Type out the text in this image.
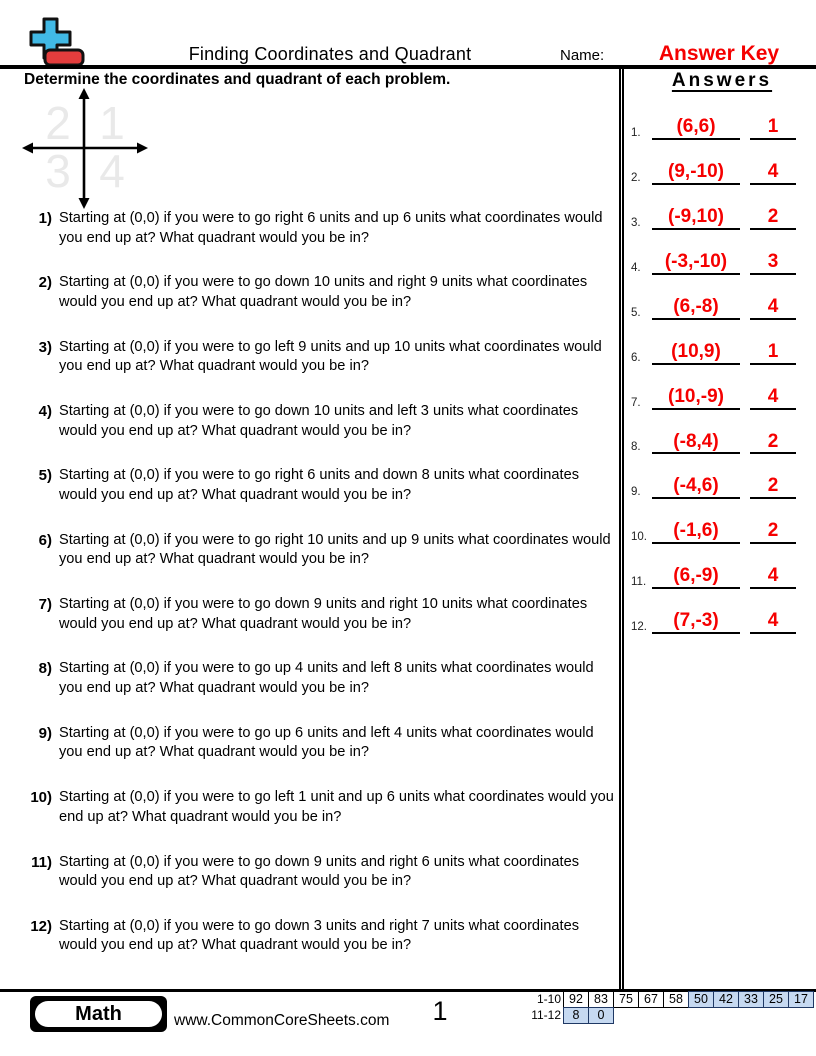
Finding Coordinates and Quadrant	Name:	Answer Key
Determine the coordinates and quadrant of each problem.
2 1
3 4
1) Starting at (0,0) if you were to go right 6 units and up 6 units what coordinates would you end up at? What quadrant would you be in?
2) Starting at (0,0) if you were to go down 10 units and right 9 units what coordinates would you end up at? What quadrant would you be in?
3) Starting at (0,0) if you were to go left 9 units and up 10 units what coordinates would you end up at? What quadrant would you be in?
4) Starting at (0,0) if you were to go down 10 units and left 3 units what coordinates would you end up at? What quadrant would you be in?
5) Starting at (0,0) if you were to go right 6 units and down 8 units what coordinates would you end up at? What quadrant would you be in?
6) Starting at (0,0) if you were to go right 10 units and up 9 units what coordinates would you end up at? What quadrant would you be in?
7) Starting at (0,0) if you were to go down 9 units and right 10 units what coordinates would you end up at? What quadrant would you be in?
8) Starting at (0,0) if you were to go up 4 units and left 8 units what coordinates would you end up at? What quadrant would you be in?
9) Starting at (0,0) if you were to go up 6 units and left 4 units what coordinates would you end up at? What quadrant would you be in?
10) Starting at (0,0) if you were to go left 1 unit and up 6 units what coordinates would you end up at? What quadrant would you be in?
11) Starting at (0,0) if you were to go down 9 units and right 6 units what coordinates would you end up at? What quadrant would you be in?
12) Starting at (0,0) if you were to go down 3 units and right 7 units what coordinates would you end up at? What quadrant would you be in?
Answers
1.	(6,6)	1
2.	(9,-10)	4
3.	(-9,10)	2
4.	(-3,-10)	3
5.	(6,-8)	4
6.	(10,9)	1
7.	(10,-9)	4
8.	(-8,4)	2
9.	(-4,6)	2
10.	(-1,6)	2
11.	(6,-9)	4
12.	(7,-3)	4
Math	www.CommonCoreSheets.com	1	1-10 92 83 75 67 58 50 42 33 25 17
11-12 8	0
